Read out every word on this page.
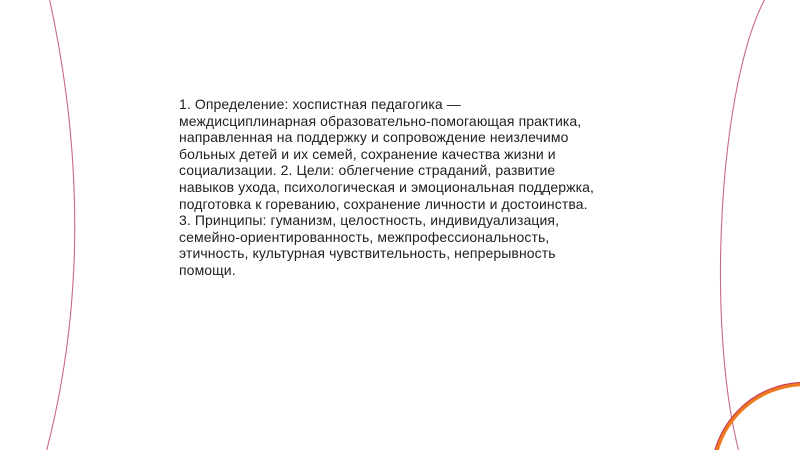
1. Определение: хоспистная педагогика —
междисциплинарная образовательно-помогающая практика,
направленная на поддержку и сопровождение неизлечимо
больных детей и их семей, сохранение качества жизни и
социализации. 2. Цели: облегчение страданий, развитие
навыков ухода, психологическая и эмоциональная поддержка,
подготовка к гореванию, сохранение личности и достоинства.
3. Принципы: гуманизм, целостность, индивидуализация,
семейно-ориентированность, межпрофессиональность,
этичность, культурная чувствительность, непрерывность
помощи.
